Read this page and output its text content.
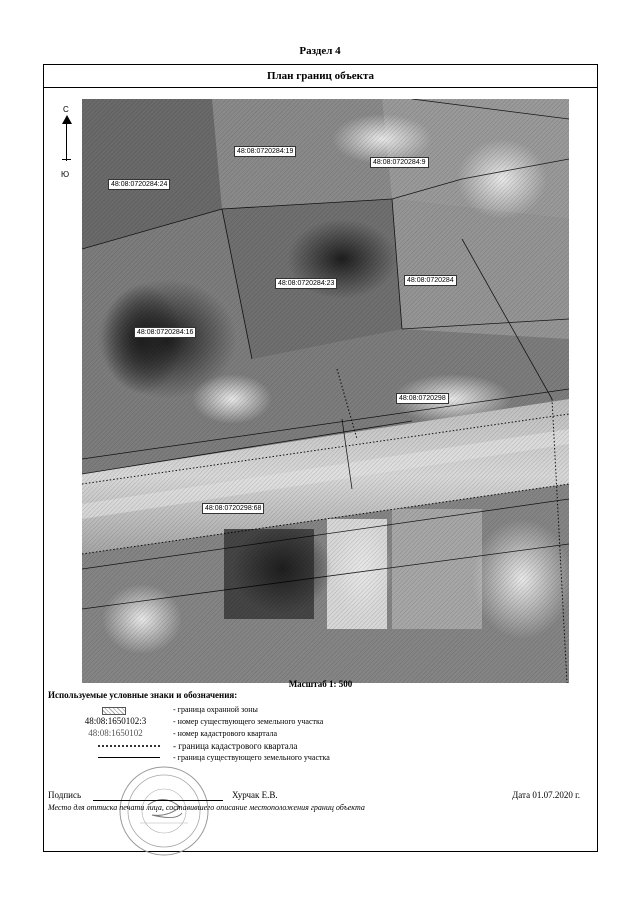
Раздел 4
План границ объекта
С
Ю
48:08:0720284:19
48:08:0720284:9
48:08:0720284:24
48:08:0720284:23	48:08:0720284
48:08:0720284:16
48:08:0720298
48:08:0720298:68
Масштаб 1: 500
Используемые условные знаки и обозначения:
- граница охранной зоны
48:08:1650102:3	- номер существующего земельного участка
48:08:1650102	- номер кадастрового квартала
- граница кадастрового квартала
- граница существующего земельного участка
Подпись	Хурчак Е.В.	Дата 01.07.2020 г.
Место для оттиска печати лица, составившего описание местоположения границ объекта
